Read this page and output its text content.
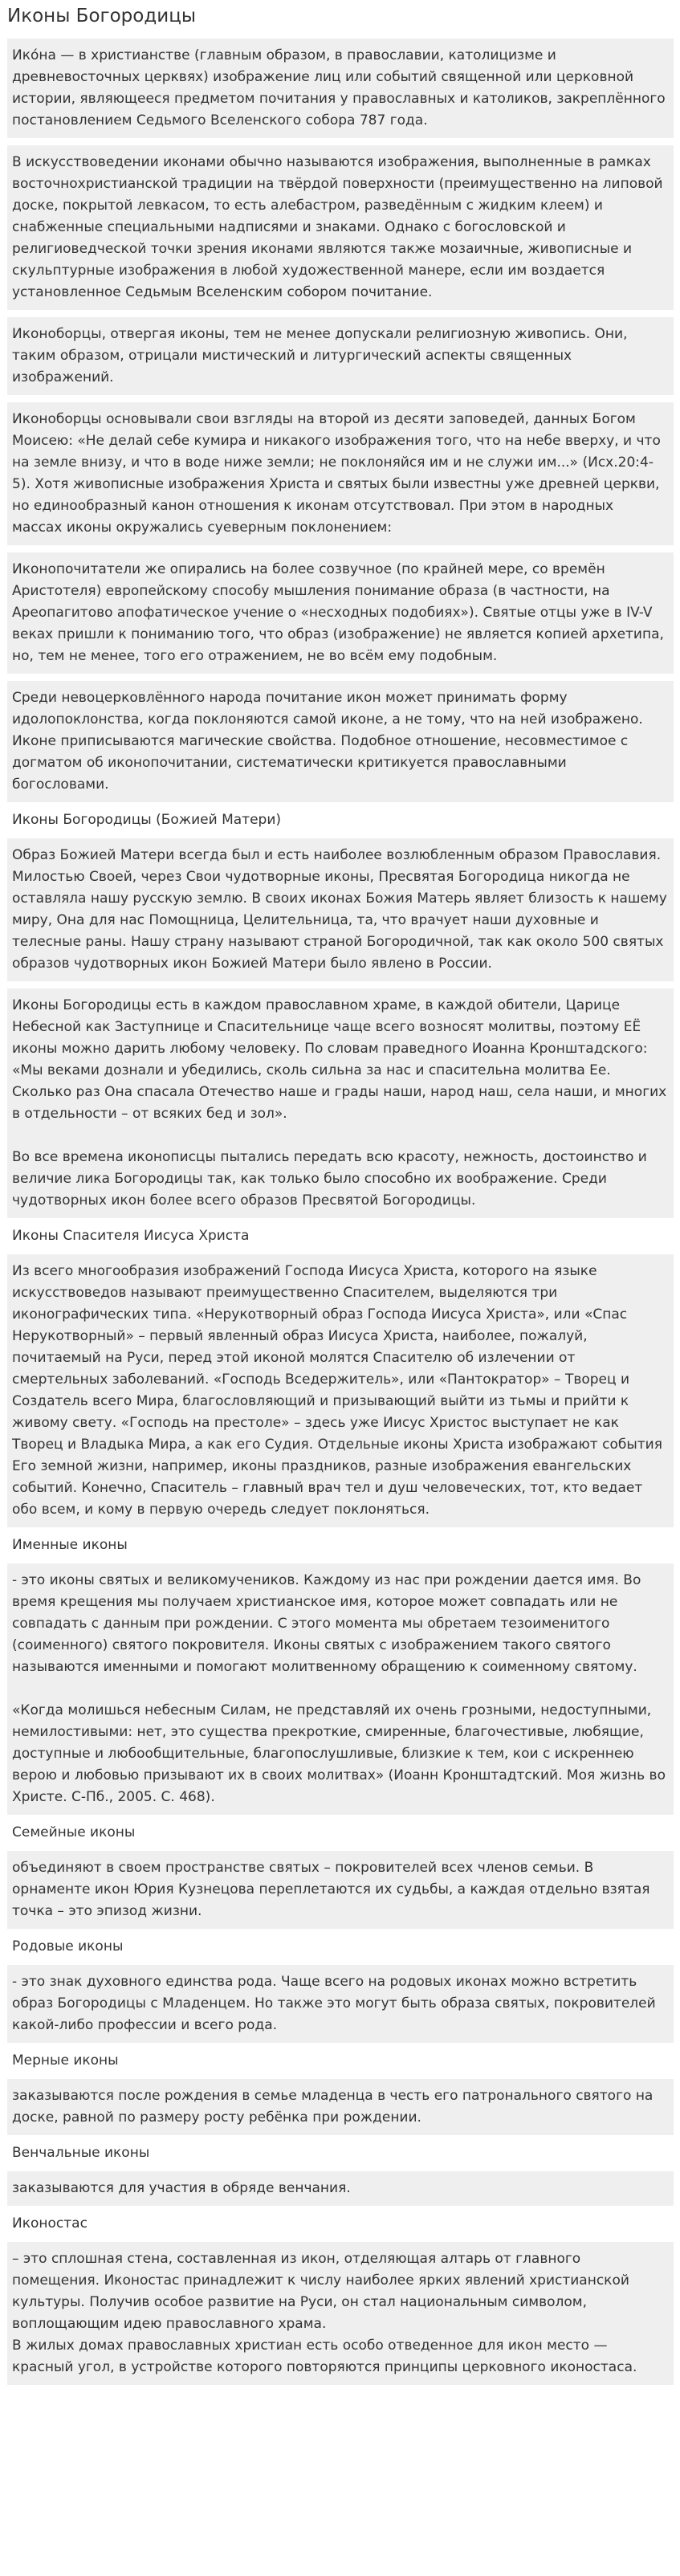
Иконы Богородицы
Ико́на — в христианстве (главным образом, в православии, католицизме и древневосточных церквях) изображение лиц или событий священной или церковной истории, являющееся предметом почитания у православных и католиков, закреплённого постановлением Седьмого Вселенского собора 787 года.
В искусствоведении иконами обычно называются изображения, выполненные в рамках восточнохристианской традиции на твёрдой поверхности (преимущественно на липовой доске, покрытой левкасом, то есть алебастром, разведённым с жидким клеем) и снабженные специальными надписями и знаками. Однако с богословской и религиоведческой точки зрения иконами являются также мозаичные, живописные и скульптурные изображения в любой художественной манере, если им воздается установленное Седьмым Вселенским собором почитание.
Иконоборцы, отвергая иконы, тем не менее допускали религиозную живопись. Они, таким образом, отрицали мистический и литургический аспекты священных изображений.
Иконоборцы основывали свои взгляды на второй из десяти заповедей, данных Богом Моисею: «Не делай себе кумира и никакого изображения того, что на небе вверху, и что на земле внизу, и что в воде ниже земли; не поклоняйся им и не служи им...» (Исх.20:4-5). Хотя живописные изображения Христа и святых были известны уже древней церкви, но единообразный канон отношения к иконам отсутствовал. При этом в народных массах иконы окружались суеверным поклонением:
Иконопочитатели же опирались на более созвучное (по крайней мере, со времён Аристотеля) европейскому способу мышления понимание образа (в частности, на Ареопагитово апофатическое учение о «несходных подобиях»). Святые отцы уже в IV-V веках пришли к пониманию того, что образ (изображение) не является копией архетипа, но, тем не менее, того его отражением, не во всём ему подобным.
Среди невоцерковлённого народа почитание икон может принимать форму идолопоклонства, когда поклоняются самой иконе, а не тому, что на ней изображено. Иконе приписываются магические свойства. Подобное отношение, несовместимое с догматом об иконопочитании, систематически критикуется православными богословами.
Иконы Богородицы (Божией Матери)
Образ Божией Матери всегда был и есть наиболее возлюбленным образом Православия. Милостью Своей, через Свои чудотворные иконы, Пресвятая Богородица никогда не оставляла нашу русскую землю. В своих иконах Божия Матерь являет близость к нашему миру, Она для нас Помощница, Целительница, та, что врачует наши духовные и телесные раны. Нашу страну называют страной Богородичной, так как около 500 святых образов чудотворных икон Божией Матери было явлено в России.
Иконы Богородицы есть в каждом православном храме, в каждой обители, Царице Небесной как Заступнице и Спасительнице чаще всего возносят молитвы, поэтому ЕЁ иконы можно дарить любому человеку. По словам праведного Иоанна Кронштадского: «Мы веками дознали и убедились, сколь сильна за нас и спасительна молитва Ее. Сколько раз Она спасала Отечество наше и грады наши, народ наш, села наши, и многих в отдельности – от всяких бед и зол».

Во все времена иконописцы пытались передать всю красоту, нежность, достоинство и величие лика Богородицы так, как только было способно их воображение. Среди чудотворных икон более всего образов Пресвятой Богородицы.
Иконы Спасителя Иисуса Христа
Из всего многообразия изображений Господа Иисуса Христа, которого на языке искусствоведов называют преимущественно Спасителем, выделяются три иконографических типа. «Нерукотворный образ Господа Иисуса Христа», или «Спас Нерукотворный» – первый явленный образ Иисуса Христа, наиболее, пожалуй, почитаемый на Руси, перед этой иконой молятся Спасителю об излечении от смертельных заболеваний. «Господь Вседержитель», или «Пантократор» – Творец и Создатель всего Мира, благословляющий и призывающий выйти из тьмы и прийти к живому свету. «Господь на престоле» – здесь уже Иисус Христос выступает не как Творец и Владыка Мира, а как его Судия. Отдельные иконы Христа изображают события Его земной жизни, например, иконы праздников, разные изображения евангельских событий. Конечно, Спаситель – главный врач тел и душ человеческих, тот, кто ведает обо всем, и кому в первую очередь следует поклоняться.
Именные иконы
- это иконы святых и великомучеников. Каждому из нас при рождении дается имя. Во время крещения мы получаем христианское имя, которое может совпадать или не совпадать с данным при рождении. С этого момента мы обретаем тезоименитого (соименного) святого покровителя. Иконы святых с изображением такого святого называются именными и помогают молитвенному обращению к соименному святому.

«Когда молишься небесным Силам, не представляй их очень грозными, недоступными, немилостивыми: нет, это существа прекроткие, смиренные, благочестивые, любящие, доступные и любообщительные, благопослушливые, близкие к тем, кои с искреннею верою и любовью призывают их в своих молитвах» (Иоанн Кронштадтский. Моя жизнь во Христе. С-Пб., 2005. С. 468).
Семейные иконы
объединяют в своем пространстве святых – покровителей всех членов семьи. В орнаменте икон Юрия Кузнецова переплетаются их судьбы, а каждая отдельно взятая точка – это эпизод жизни.
Родовые иконы
- это знак духовного единства рода. Чаще всего на родовых иконах можно встретить образ Богородицы с Младенцем. Но также это могут быть образа святых, покровителей какой-либо профессии и всего рода.
Мерные иконы
заказываются после рождения в семье младенца в честь его патронального святого на доске, равной по размеру росту ребёнка при рождении.
Венчальные иконы
заказываются для участия в обряде венчания.
Иконостас
– это сплошная стена, составленная из икон, отделяющая алтарь от главного помещения. Иконостас принадлежит к числу наиболее ярких явлений христианской культуры. Получив особое развитие на Руси, он стал национальным символом, воплощающим идею православного храма.
В жилых домах православных христиан есть особо отведенное для икон место — красный угол, в устройстве которого повторяются принципы церковного иконостаса.
